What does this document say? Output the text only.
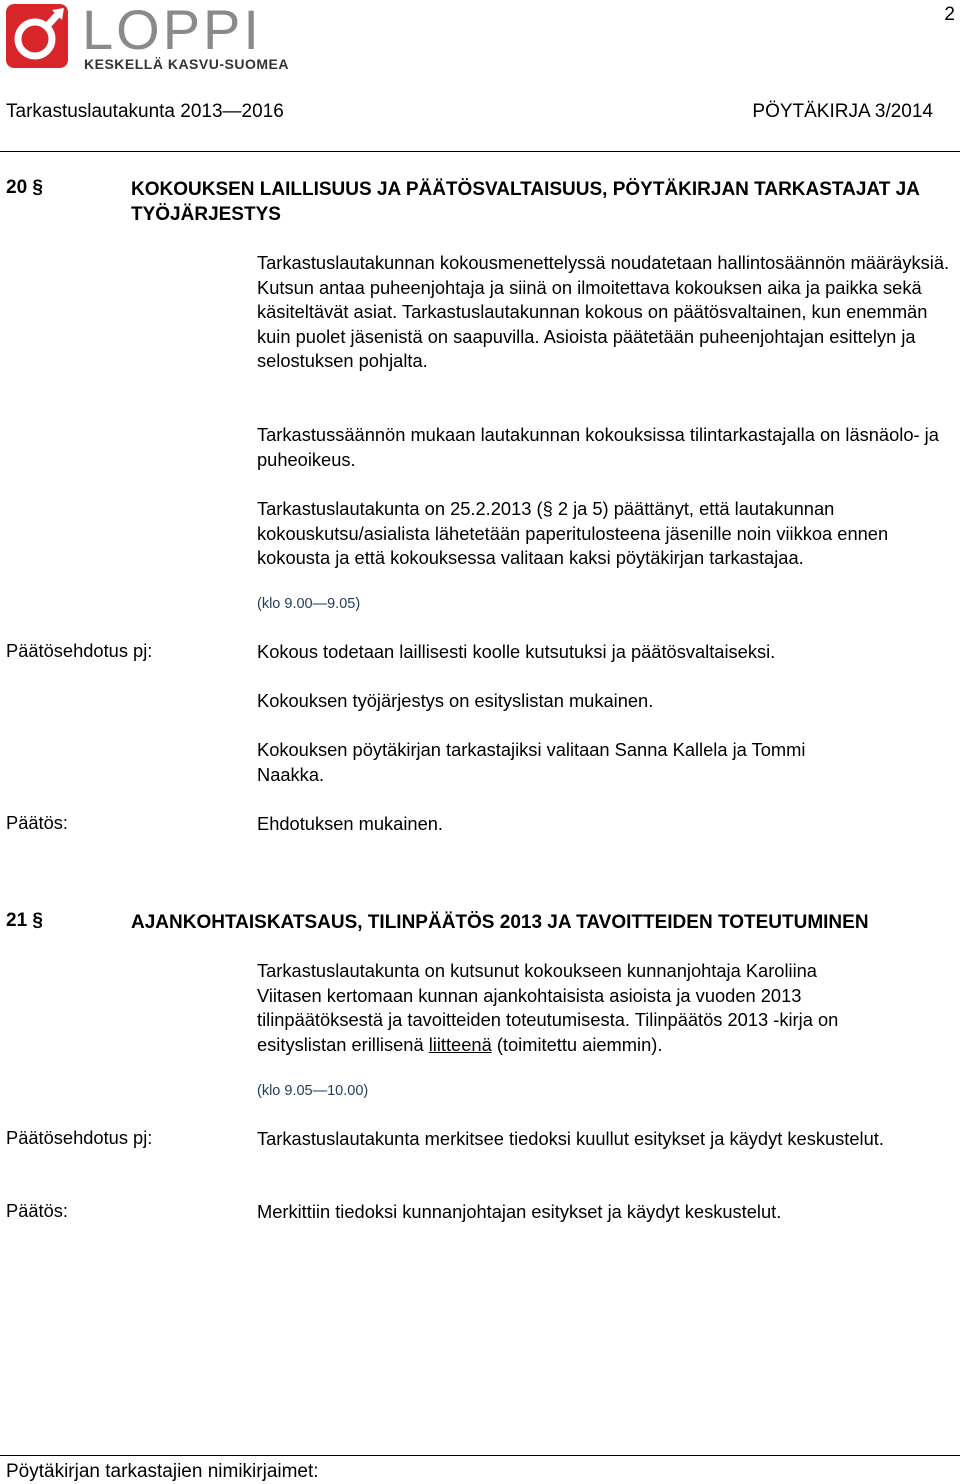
LOPPI
KESKELLÄ KASVU-SUOMEA
2
Tarkastuslautakunta 2013—2016	PÖYTÄKIRJA 3/2014
20 §	KOKOUKSEN LAILLISUUS JA PÄÄTÖSVALTAISUUS, PÖYTÄKIRJAN TARKASTAJAT JA TYÖJÄRJESTYS
Tarkastuslautakunnan kokousmenettelyssä noudatetaan hallintosäännön määräyksiä. Kutsun antaa puheenjohtaja ja siinä on ilmoitettava kokouksen aika ja paikka sekä käsiteltävät asiat. Tarkastuslautakunnan kokous on päätösvaltainen, kun enemmän kuin puolet jäsenistä on saapuvilla. Asioista päätetään puheenjohtajan esittelyn ja selostuksen pohjalta.
Tarkastussäännön mukaan lautakunnan kokouksissa tilintarkastajalla on läsnäolo- ja puheoikeus.
Tarkastuslautakunta on 25.2.2013 (§ 2 ja 5) päättänyt, että lautakunnan kokouskutsu/asialista lähetetään paperitulosteena jäsenille noin viikkoa ennen kokousta ja että kokouksessa valitaan kaksi pöytäkirjan tarkastajaa.
(klo 9.00—9.05)
Päätösehdotus pj:	Kokous todetaan laillisesti koolle kutsutuksi ja päätösvaltaiseksi.
Kokouksen työjärjestys on esityslistan mukainen.
Kokouksen pöytäkirjan tarkastajiksi valitaan Sanna Kallela ja Tommi Naakka.
Päätös:	Ehdotuksen mukainen.
21 §	AJANKOHTAISKATSAUS, TILINPÄÄTÖS 2013 JA TAVOITTEIDEN TOTEUTUMINEN
Tarkastuslautakunta on kutsunut kokoukseen kunnanjohtaja Karoliina Viitasen kertomaan kunnan ajankohtaisista asioista ja vuoden 2013 tilinpäätöksestä ja tavoitteiden toteutumisesta. Tilinpäätös 2013 -kirja on esityslistan erillisenä liitteenä (toimitettu aiemmin).
(klo 9.05—10.00)
Päätösehdotus pj:	Tarkastuslautakunta merkitsee tiedoksi kuullut esitykset ja käydyt keskustelut.
Päätös:	Merkittiin tiedoksi kunnanjohtajan esitykset ja käydyt keskustelut.
Pöytäkirjan tarkastajien nimikirjaimet:
